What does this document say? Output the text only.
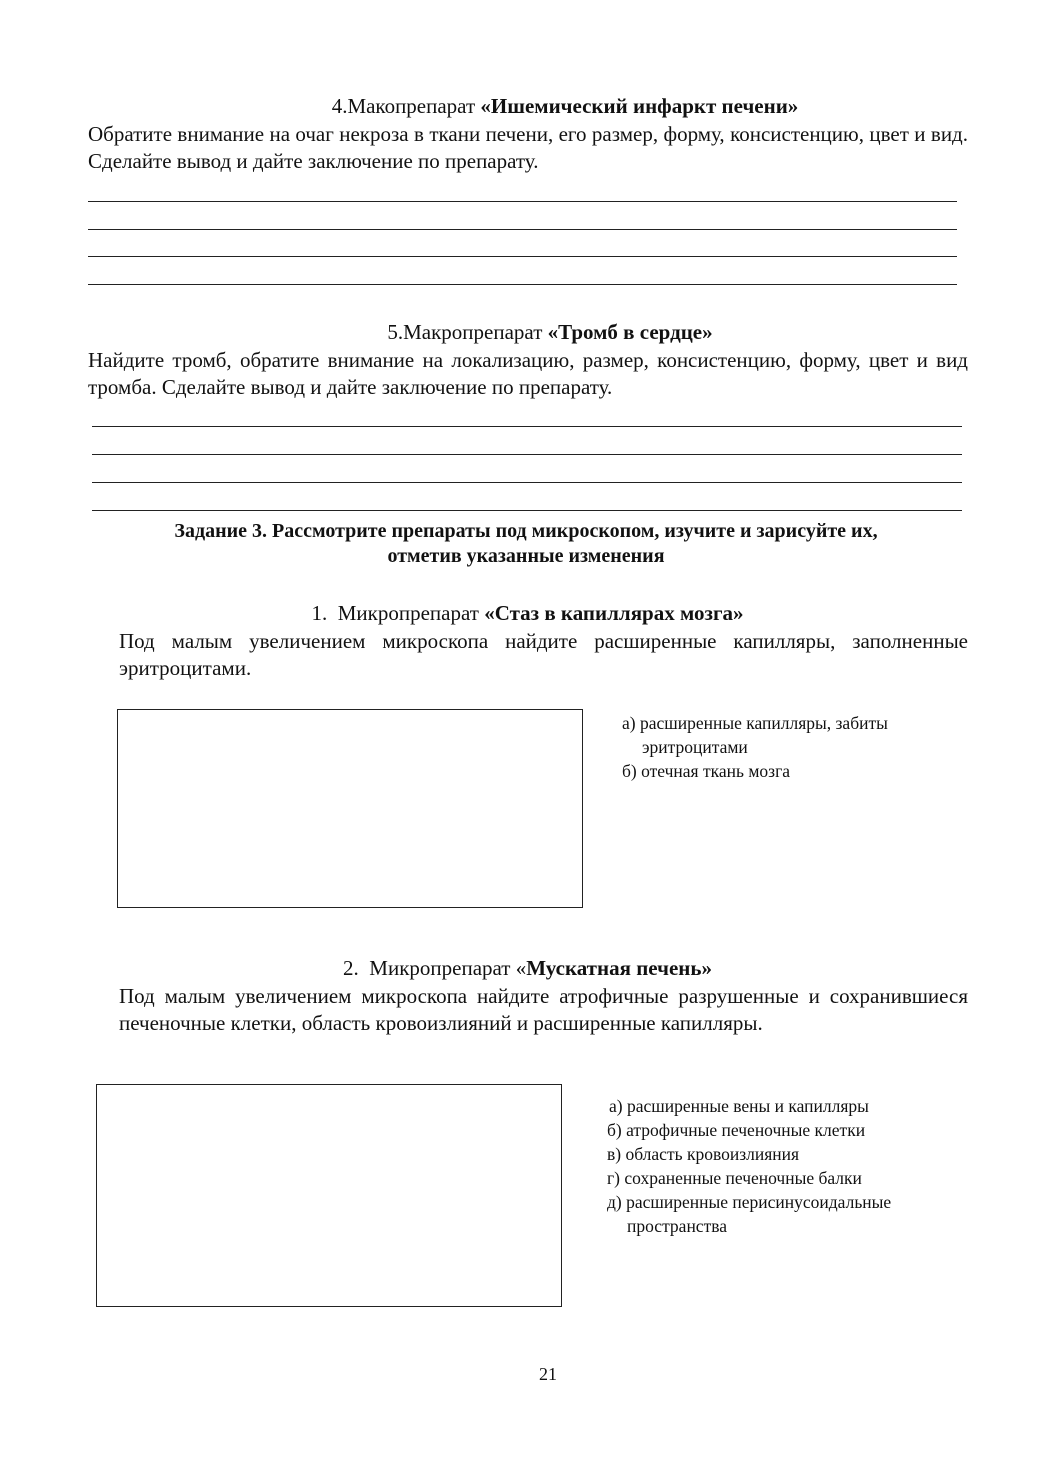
4.Макопрепарат «Ишемический инфаркт печени»
Обратите внимание на очаг некроза в ткани печени, его размер, форму, консистенцию, цвет и вид. Сделайте вывод и дайте заключение по препарату.
5.Макропрепарат «Тромб в сердце»
Найдите тромб, обратите внимание на локализацию, размер, консистенцию, форму, цвет и вид тромба. Сделайте вывод и дайте заключение по препарату.
Задание 3. Рассмотрите препараты под микроскопом, изучите и зарисуйте их,
отметив указанные изменения
1. Микропрепарат «Стаз в капиллярах мозга»
Под малым увеличением микроскопа найдите расширенные капилляры, заполненные эритроцитами.
а) расширенные капилляры, забиты
эритроцитами
б) отечная ткань мозга
2. Микропрепарат «Мускатная печень»
Под малым увеличением микроскопа найдите атрофичные разрушенные и сохранившиеся печеночные клетки, область кровоизлияний и расширенные капилляры.
а) расширенные вены и капилляры
б) атрофичные печеночные клетки
в) область кровоизлияния
г) сохраненные печеночные балки
д) расширенные перисинусоидальные
пространства
21
